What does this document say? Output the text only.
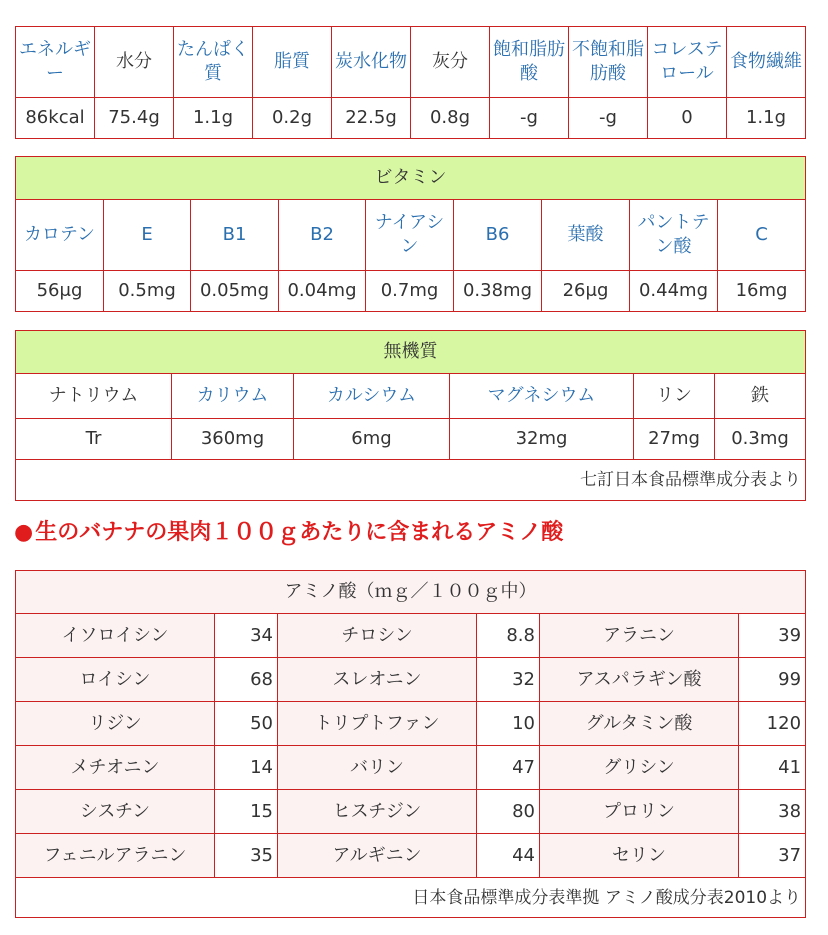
エネルギー	水分	たんぱく質	脂質	炭水化物	灰分	飽和脂肪酸	不飽和脂肪酸	コレステロール	食物繊維
86kcal	75.4g	1.1g	0.2g	22.5g	0.8g	-g	-g	0	1.1g
ビタミン								
カロテン	E	B1	B2	ナイアシン	B6	葉酸	パントテン酸	C
56μg	0.5mg	0.05mg	0.04mg	0.7mg	0.38mg	26μg	0.44mg	16mg
無機質					
ナトリウム	カリウム	カルシウム	マグネシウム	リン	鉄
Tr	360mg	6mg	32mg	27mg	0.3mg
七訂日本食品標準成分表より					
●生のバナナの果肉１００ｇあたりに含まれるアミノ酸
アミノ酸（ｍｇ／１００ｇ中）					
イソロイシン	34	チロシン	8.8	アラニン	39
ロイシン	68	スレオニン	32	アスパラギン酸	99
リジン	50	トリプトファン	10	グルタミン酸	120
メチオニン	14	バリン	47	グリシン	41
シスチン	15	ヒスチジン	80	プロリン	38
フェニルアラニン	35	アルギニン	44	セリン	37
日本食品標準成分表準拠 アミノ酸成分表2010より					
